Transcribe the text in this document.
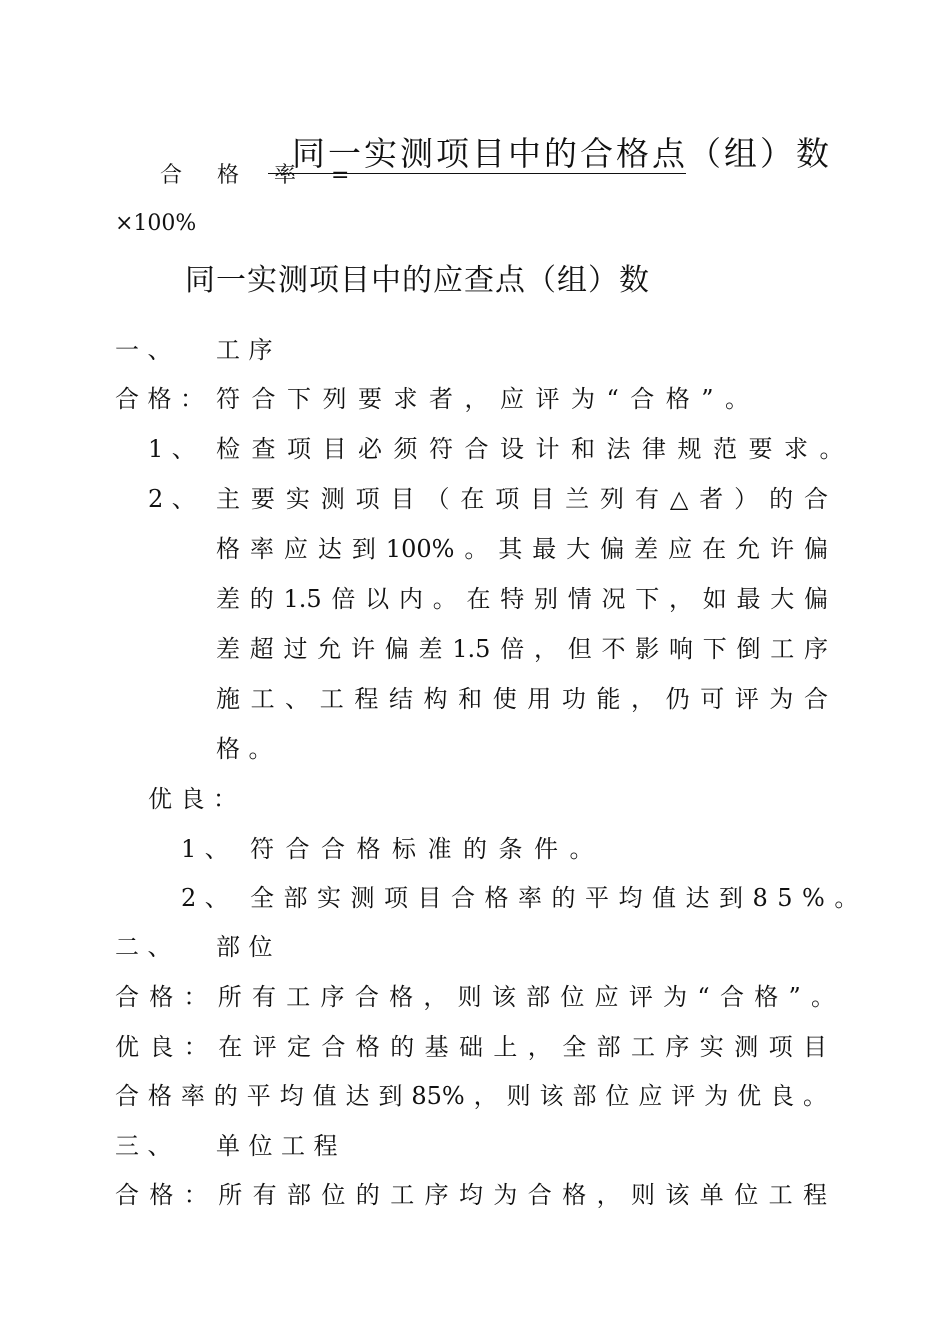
合 格 率 =
同一实测项目中的合格点（组）数
×100%
同一实测项目中的应查点（组）数
一、 工序
合格： 符合下列要求者，应评为“合格”。
1、 检查项目必须符合设计和法律规范要求。
2、 主要实测项目（在项目兰列有△者）的合
格率应达到100%。其最大偏差应在允许偏
差的1.5倍以内。在特别情况下，如最大偏
差超过允许偏差1.5倍，但不影响下倒工序
施工、工程结构和使用功能，仍可评为合
格。
优良：
1、 符合合格标准的条件。
2、 全部实测项目合格率的平均值达到85%。
二、 部位
合格：所有工序合格，则该部位应评为“合格”。
优良：在评定合格的基础上，全部工序实测项目
合格率的平均值达到85%，则该部位应评为优良。
三、 单位工程
合格：所有部位的工序均为合格，则该单位工程
